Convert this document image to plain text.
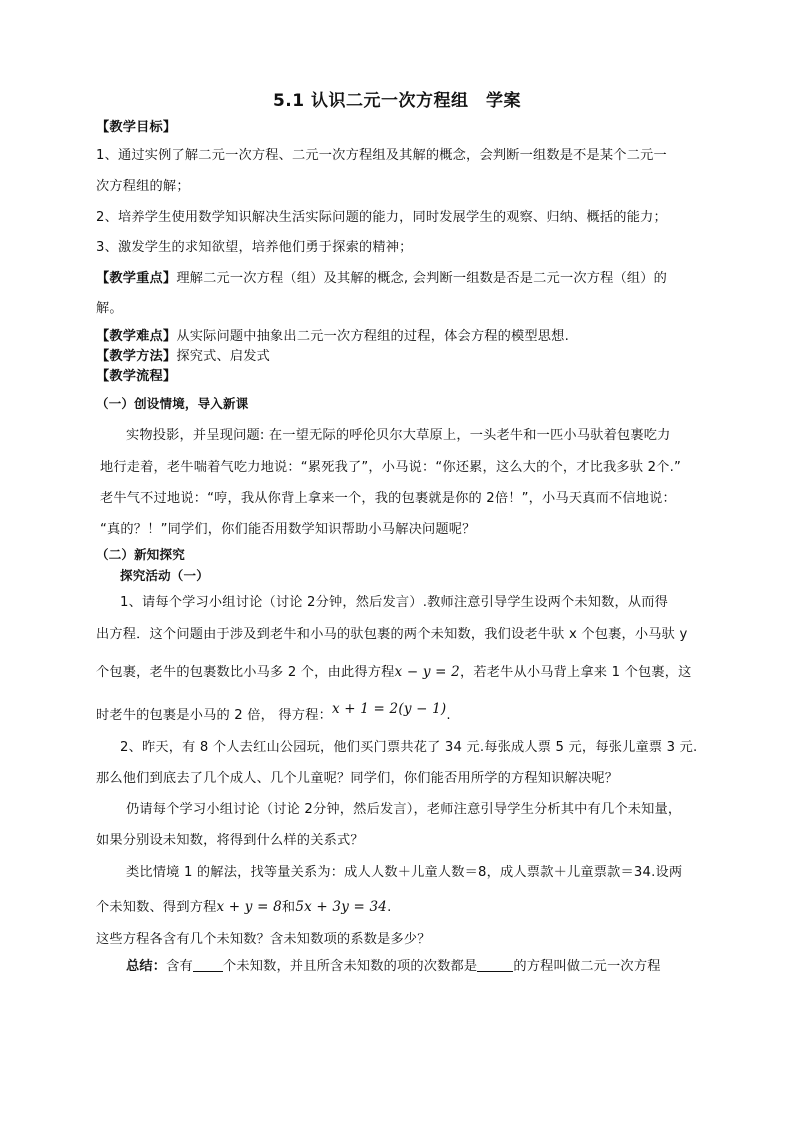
5.1 认识二元一次方程组　学案
【教学目标】
1、通过实例了解二元一次方程、二元一次方程组及其解的概念，会判断一组数是不是某个二元一
次方程组的解；
2、培养学生使用数学知识解决生活实际问题的能力，同时发展学生的观察、归纳、概括的能力；
3、激发学生的求知欲望，培养他们勇于探索的精神；
【教学重点】理解二元一次方程（组）及其解的概念, 会判断一组数是否是二元一次方程（组）的
解。
【教学难点】从实际问题中抽象出二元一次方程组的过程，体会方程的模型思想.
【教学方法】探究式、启发式
【教学流程】
（一）创设情境，导入新课
实物投影，并呈现问题: 在一望无际的呼伦贝尔大草原上，一头老牛和一匹小马驮着包裹吃力
地行走着，老牛喘着气吃力地说：“累死我了”，小马说：“你还累，这么大的个，才比我多驮 2个.”
老牛气不过地说：“哼，我从你背上拿来一个，我的包裹就是你的 2倍！”，小马天真而不信地说：
“真的？！”同学们，你们能否用数学知识帮助小马解决问题呢？
（二）新知探究
探究活动（一）
1、请每个学习小组讨论（讨论 2分钟，然后发言）.教师注意引导学生设两个未知数，从而得
出方程．这个问题由于涉及到老牛和小马的驮包裹的两个未知数，我们设老牛驮 x 个包裹，小马驮 y
个包裹，老牛的包裹数比小马多 2 个，由此得方程x − y = 2，若老牛从小马背上拿来 1 个包裹，这
时老牛的包裹是小马的 2 倍， 得方程：x + 1 = 2(y − 1).
2、昨天，有 8 个人去红山公园玩，他们买门票共花了 34 元.每张成人票 5 元，每张儿童票 3 元.
那么他们到底去了几个成人、几个儿童呢？同学们，你们能否用所学的方程知识解决呢？
仍请每个学习小组讨论（讨论 2分钟，然后发言），老师注意引导学生分析其中有几个未知量，
如果分别设未知数，将得到什么样的关系式？
类比情境 1 的解法，找等量关系为：成人人数＋儿童人数＝8，成人票款＋儿童票款＝34.设两
个未知数、得到方程x + y = 8和5x + 3y = 34.
这些方程各含有几个未知数？含未知数项的系数是多少？
总结：含有 个未知数，并且所含未知数的项的次数都是	的方程叫做二元一次方程
